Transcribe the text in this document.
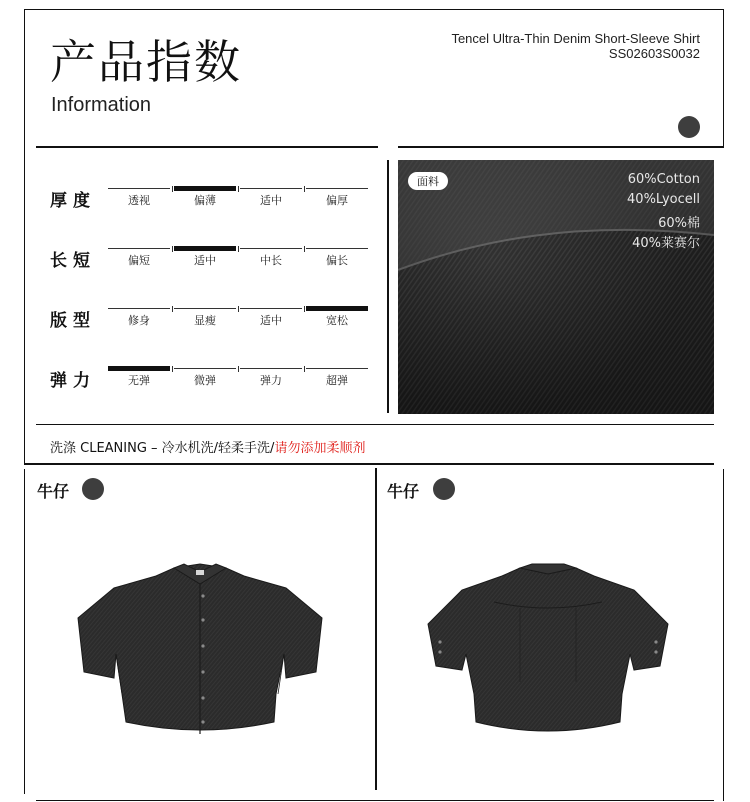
产品指数
Information
Tencel Ultra-Thin Denim Short-Sleeve Shirt
SS02603S0032
厚度	透视	偏薄	适中	偏厚
长短	偏短	适中	中长	偏长
版型	修身	显瘦	适中	宽松
弹力	无弹	微弹	弹力	超弹
面料	60%Cotton
40%Lyocell
60%棉
40%莱赛尔
洗涤 CLEANING – 冷水机洗/轻柔手洗/请勿添加柔顺剂
牛仔	牛仔
